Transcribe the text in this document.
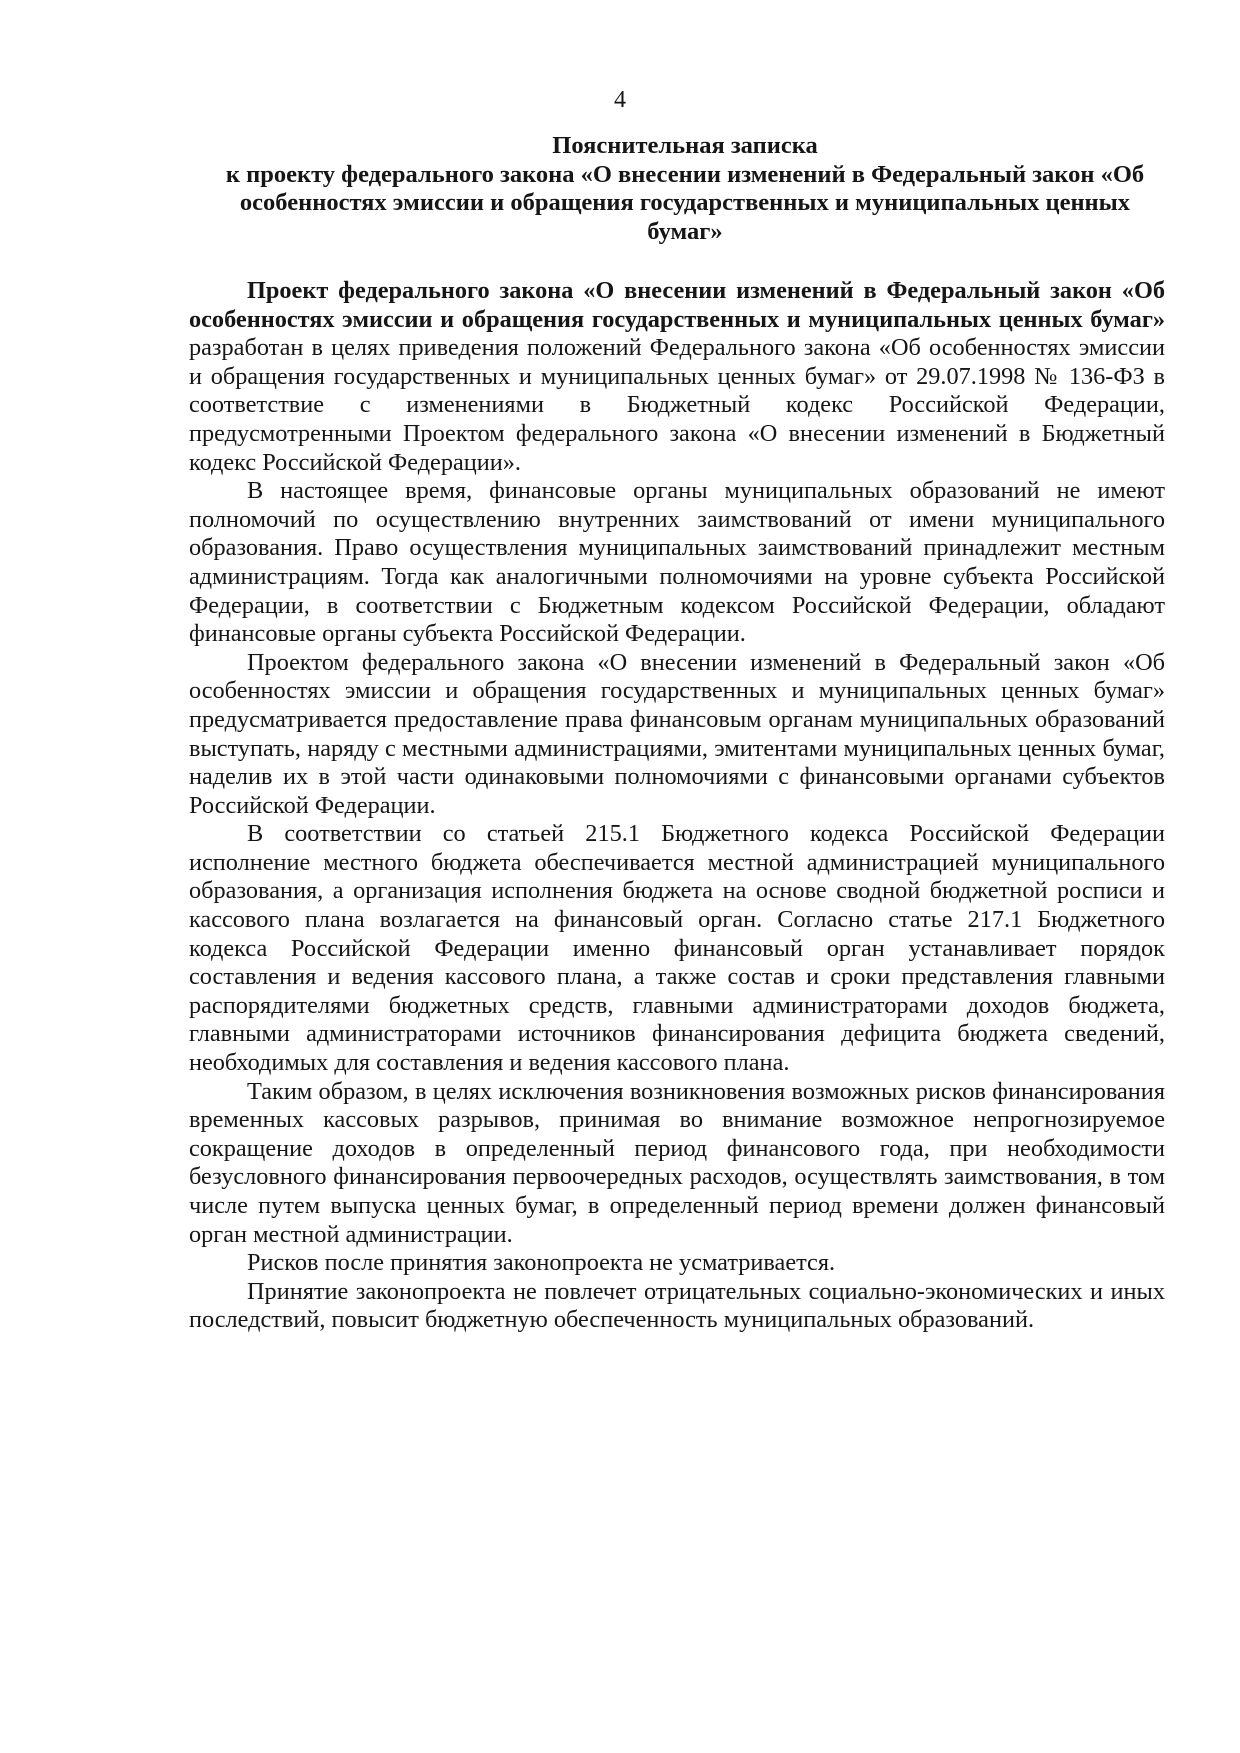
4
Пояснительная записка
к проекту федерального закона «О внесении изменений в Федеральный закон «Об
особенностях эмиссии и обращения государственных и муниципальных ценных
бумаг»

Проект федерального закона «О внесении изменений в Федеральный закон «Об особенностях эмиссии и обращения государственных и муниципальных ценных бумаг» разработан в целях приведения положений Федерального закона «Об особенностях эмиссии и обращения государственных и муниципальных ценных бумаг» от 29.07.1998 № 136-ФЗ в соответствие с изменениями в Бюджетный кодекс Российской Федерации, предусмотренными Проектом федерального закона «О внесении изменений в Бюджетный кодекс Российской Федерации».

В настоящее время, финансовые органы муниципальных образований не имеют полномочий по осуществлению внутренних заимствований от имени муниципального образования. Право осуществления муниципальных заимствований принадлежит местным администрациям. Тогда как аналогичными полномочиями на уровне субъекта Российской Федерации, в соответствии с Бюджетным кодексом Российской Федерации, обладают финансовые органы субъекта Российской Федерации.

Проектом федерального закона «О внесении изменений в Федеральный закон «Об особенностях эмиссии и обращения государственных и муниципальных ценных бумаг» предусматривается предоставление права финансовым органам муниципальных образований выступать, наряду с местными администрациями, эмитентами муниципальных ценных бумаг, наделив их в этой части одинаковыми полномочиями с финансовыми органами субъектов Российской Федерации.

В соответствии со статьей 215.1 Бюджетного кодекса Российской Федерации исполнение местного бюджета обеспечивается местной администрацией муниципального образования, а организация исполнения бюджета на основе сводной бюджетной росписи и кассового плана возлагается на финансовый орган. Согласно статье 217.1 Бюджетного кодекса Российской Федерации именно финансовый орган устанавливает порядок составления и ведения кассового плана, а также состав и сроки представления главными распорядителями бюджетных средств, главными администраторами доходов бюджета, главными администраторами источников финансирования дефицита бюджета сведений, необходимых для составления и ведения кассового плана.

Таким образом, в целях исключения возникновения возможных рисков финансирования временных кассовых разрывов, принимая во внимание возможное непрогнозируемое сокращение доходов в определенный период финансового года, при необходимости безусловного финансирования первоочередных расходов, осуществлять заимствования, в том числе путем выпуска ценных бумаг, в определенный период времени должен финансовый орган местной администрации.

Рисков после принятия законопроекта не усматривается.

Принятие законопроекта не повлечет отрицательных социально-экономических и иных последствий, повысит бюджетную обеспеченность муниципальных образований.
